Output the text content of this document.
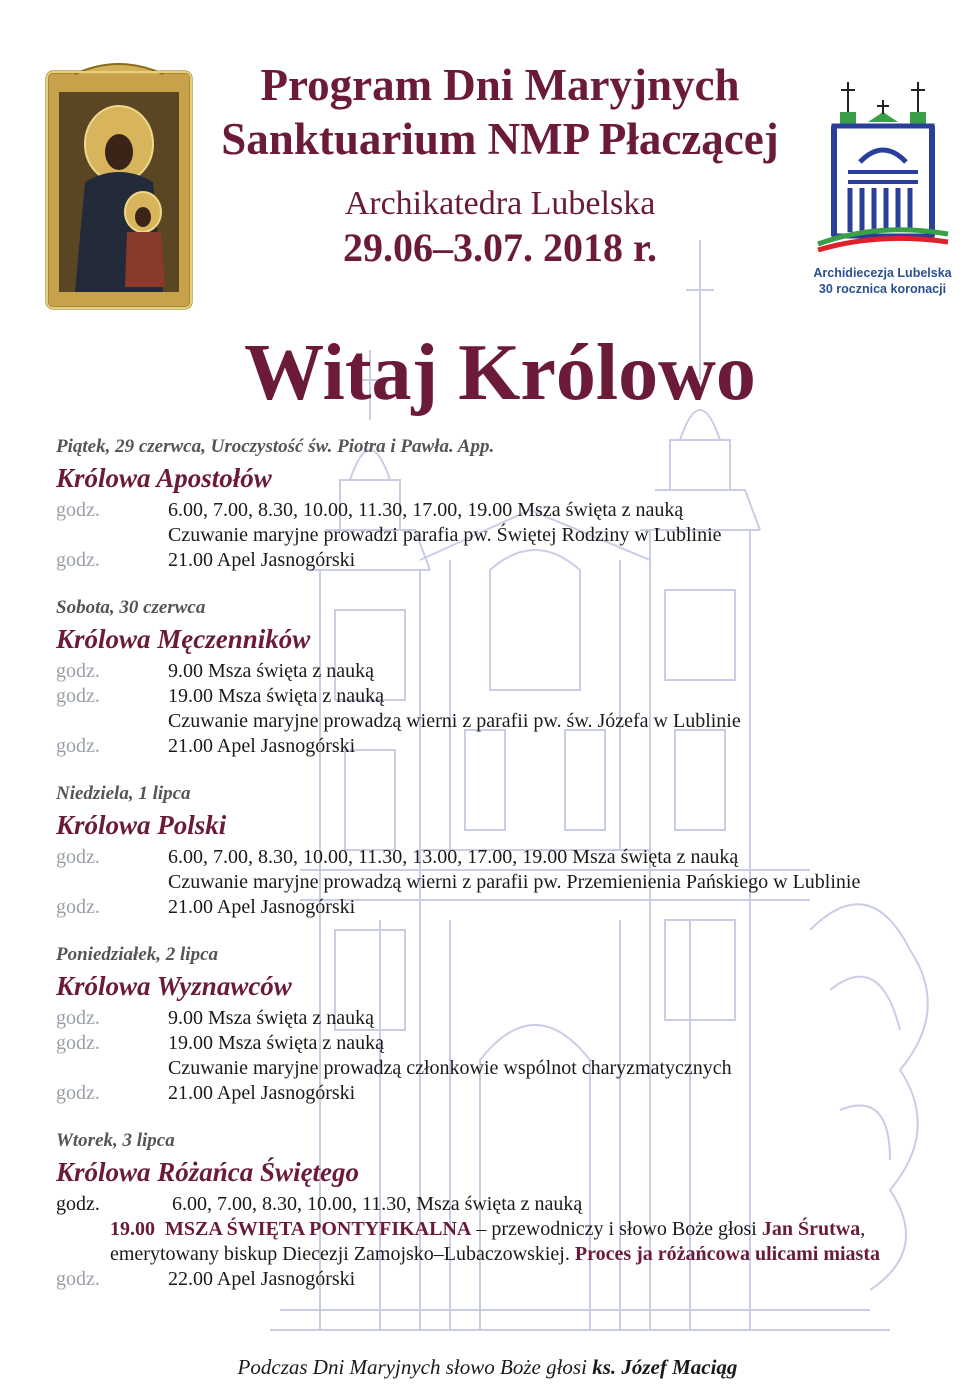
Archidiecezja Lubelska
30 rocznica koronacji
Program Dni Maryjnych
Sanktuarium NMP Płaczącej
Archikatedra Lubelska
29.06–3.07. 2018 r.
Witaj Królowo
Piątek, 29 czerwca, Uroczystość św. Piotra i Pawła. App.
Królowa Apostołów
godz.	6.00, 7.00, 8.30, 10.00, 11.30, 17.00, 19.00 Msza święta z nauką
Czuwanie maryjne prowadzi parafia pw. Świętej Rodziny w Lublinie
godz.	21.00 Apel Jasnogórski
Sobota, 30 czerwca
Królowa Męczenników
godz.	9.00 Msza święta z nauką
godz.	19.00 Msza święta z nauką
Czuwanie maryjne prowadzą wierni z parafii pw. św. Józefa w Lublinie
godz.	21.00 Apel Jasnogórski
Niedziela, 1 lipca
Królowa Polski
godz.	6.00, 7.00, 8.30, 10.00, 11.30, 13.00, 17.00, 19.00 Msza święta z nauką
Czuwanie maryjne prowadzą wierni z parafii pw. Przemienienia Pańskiego w Lublinie
godz.	21.00 Apel Jasnogórski
Poniedziałek, 2 lipca
Królowa Wyznawców
godz.	9.00 Msza święta z nauką
godz.	19.00 Msza święta z nauką
Czuwanie maryjne prowadzą członkowie wspólnot charyzmatycznych
godz.	21.00 Apel Jasnogórski
Wtorek, 3 lipca
Królowa Różańca Świętego
godz.	6.00, 7.00, 8.30, 10.00, 11.30, Msza święta z nauką
19.00 MSZA ŚWIĘTA PONTYFIKALNA – przewodniczy i słowo Boże głosi Jan Śrutwa, emerytowany biskup Diecezji Zamojsko–Lubaczowskiej. Proces ja różańcowa ulicami miasta
godz.	22.00 Apel Jasnogórski
Podczas Dni Maryjnych słowo Boże głosi ks. Józef Maciąg
